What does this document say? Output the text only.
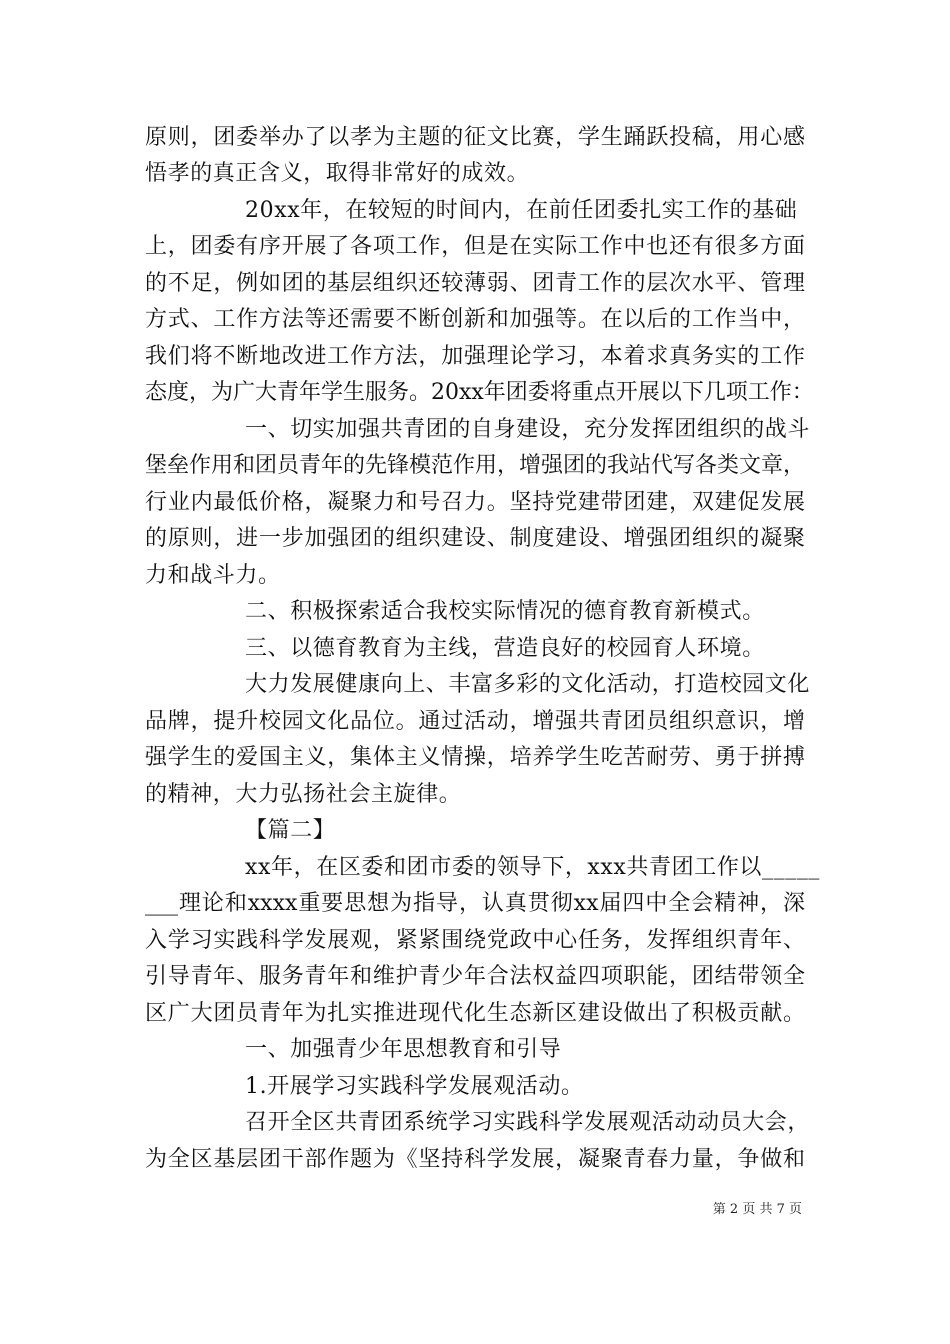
原则，团委举办了以孝为主题的征文比赛，学生踊跃投稿，用心感
悟孝的真正含义，取得非常好的成效。
20xx年，在较短的时间内，在前任团委扎实工作的基础
上，团委有序开展了各项工作，但是在实际工作中也还有很多方面
的不足，例如团的基层组织还较薄弱、团青工作的层次水平、管理
方式、工作方法等还需要不断创新和加强等。在以后的工作当中，
我们将不断地改进工作方法，加强理论学习，本着求真务实的工作
态度，为广大青年学生服务。20xx年团委将重点开展以下几项工作：
一、切实加强共青团的自身建设，充分发挥团组织的战斗
堡垒作用和团员青年的先锋模范作用，增强团的我站代写各类文章，
行业内最低价格，凝聚力和号召力。坚持党建带团建，双建促发展
的原则，进一步加强团的组织建设、制度建设、增强团组织的凝聚
力和战斗力。
二、积极探索适合我校实际情况的德育教育新模式。
三、以德育教育为主线，营造良好的校园育人环境。
大力发展健康向上、丰富多彩的文化活动，打造校园文化
品牌，提升校园文化品位。通过活动，增强共青团员组织意识，增
强学生的爱国主义，集体主义情操，培养学生吃苦耐劳、勇于拼搏
的精神，大力弘扬社会主旋律。
【篇二】
xx年，在区委和团市委的领导下，xxx共青团工作以_____
___理论和xxxx重要思想为指导，认真贯彻xx届四中全会精神，深
入学习实践科学发展观，紧紧围绕党政中心任务，发挥组织青年、
引导青年、服务青年和维护青少年合法权益四项职能，团结带领全
区广大团员青年为扎实推进现代化生态新区建设做出了积极贡献。
一、加强青少年思想教育和引导
1.开展学习实践科学发展观活动。
召开全区共青团系统学习实践科学发展观活动动员大会，
为全区基层团干部作题为《坚持科学发展，凝聚青春力量，争做和
第 2 页 共 7 页
